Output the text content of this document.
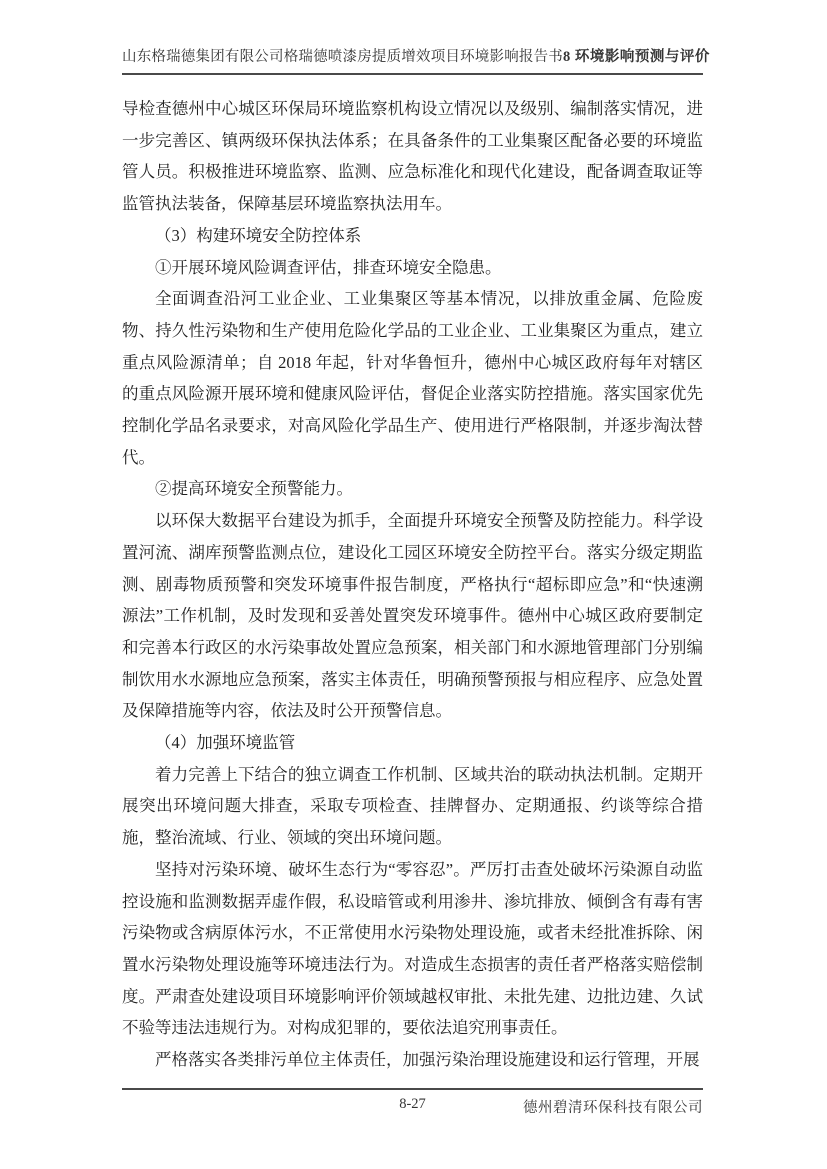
山东格瑞德集团有限公司格瑞德喷漆房提质增效项目环境影响报告书 8 环境影响预测与评价

导检查德州中心城区环保局环境监察机构设立情况以及级别、编制落实情况，进一步完善区、镇两级环保执法体系；在具备条件的工业集聚区配备必要的环境监管人员。积极推进环境监察、监测、应急标准化和现代化建设，配备调查取证等监管执法装备，保障基层环境监察执法用车。

（3）构建环境安全防控体系

①开展环境风险调查评估，排查环境安全隐患。

全面调查沿河工业企业、工业集聚区等基本情况，以排放重金属、危险废物、持久性污染物和生产使用危险化学品的工业企业、工业集聚区为重点，建立重点风险源清单；自 2018 年起，针对华鲁恒升，德州中心城区政府每年对辖区的重点风险源开展环境和健康风险评估，督促企业落实防控措施。落实国家优先控制化学品名录要求，对高风险化学品生产、使用进行严格限制，并逐步淘汰替代。

②提高环境安全预警能力。

以环保大数据平台建设为抓手，全面提升环境安全预警及防控能力。科学设置河流、湖库预警监测点位，建设化工园区环境安全防控平台。落实分级定期监测、剧毒物质预警和突发环境事件报告制度，严格执行“超标即应急”和“快速溯源法”工作机制，及时发现和妥善处置突发环境事件。德州中心城区政府要制定和完善本行政区的水污染事故处置应急预案，相关部门和水源地管理部门分别编制饮用水水源地应急预案，落实主体责任，明确预警预报与相应程序、应急处置及保障措施等内容，依法及时公开预警信息。

（4）加强环境监管

着力完善上下结合的独立调查工作机制、区域共治的联动执法机制。定期开展突出环境问题大排查，采取专项检查、挂牌督办、定期通报、约谈等综合措施，整治流域、行业、领域的突出环境问题。

坚持对污染环境、破坏生态行为“零容忍”。严厉打击查处破坏污染源自动监控设施和监测数据弄虚作假，私设暗管或利用渗井、渗坑排放、倾倒含有毒有害污染物或含病原体污水，不正常使用水污染物处理设施，或者未经批准拆除、闲置水污染物处理设施等环境违法行为。对造成生态损害的责任者严格落实赔偿制度。严肃查处建设项目环境影响评价领域越权审批、未批先建、边批边建、久试不验等违法违规行为。对构成犯罪的，要依法追究刑事责任。

严格落实各类排污单位主体责任，加强污染治理设施建设和运行管理，开展

8-27	德州碧清环保科技有限公司
